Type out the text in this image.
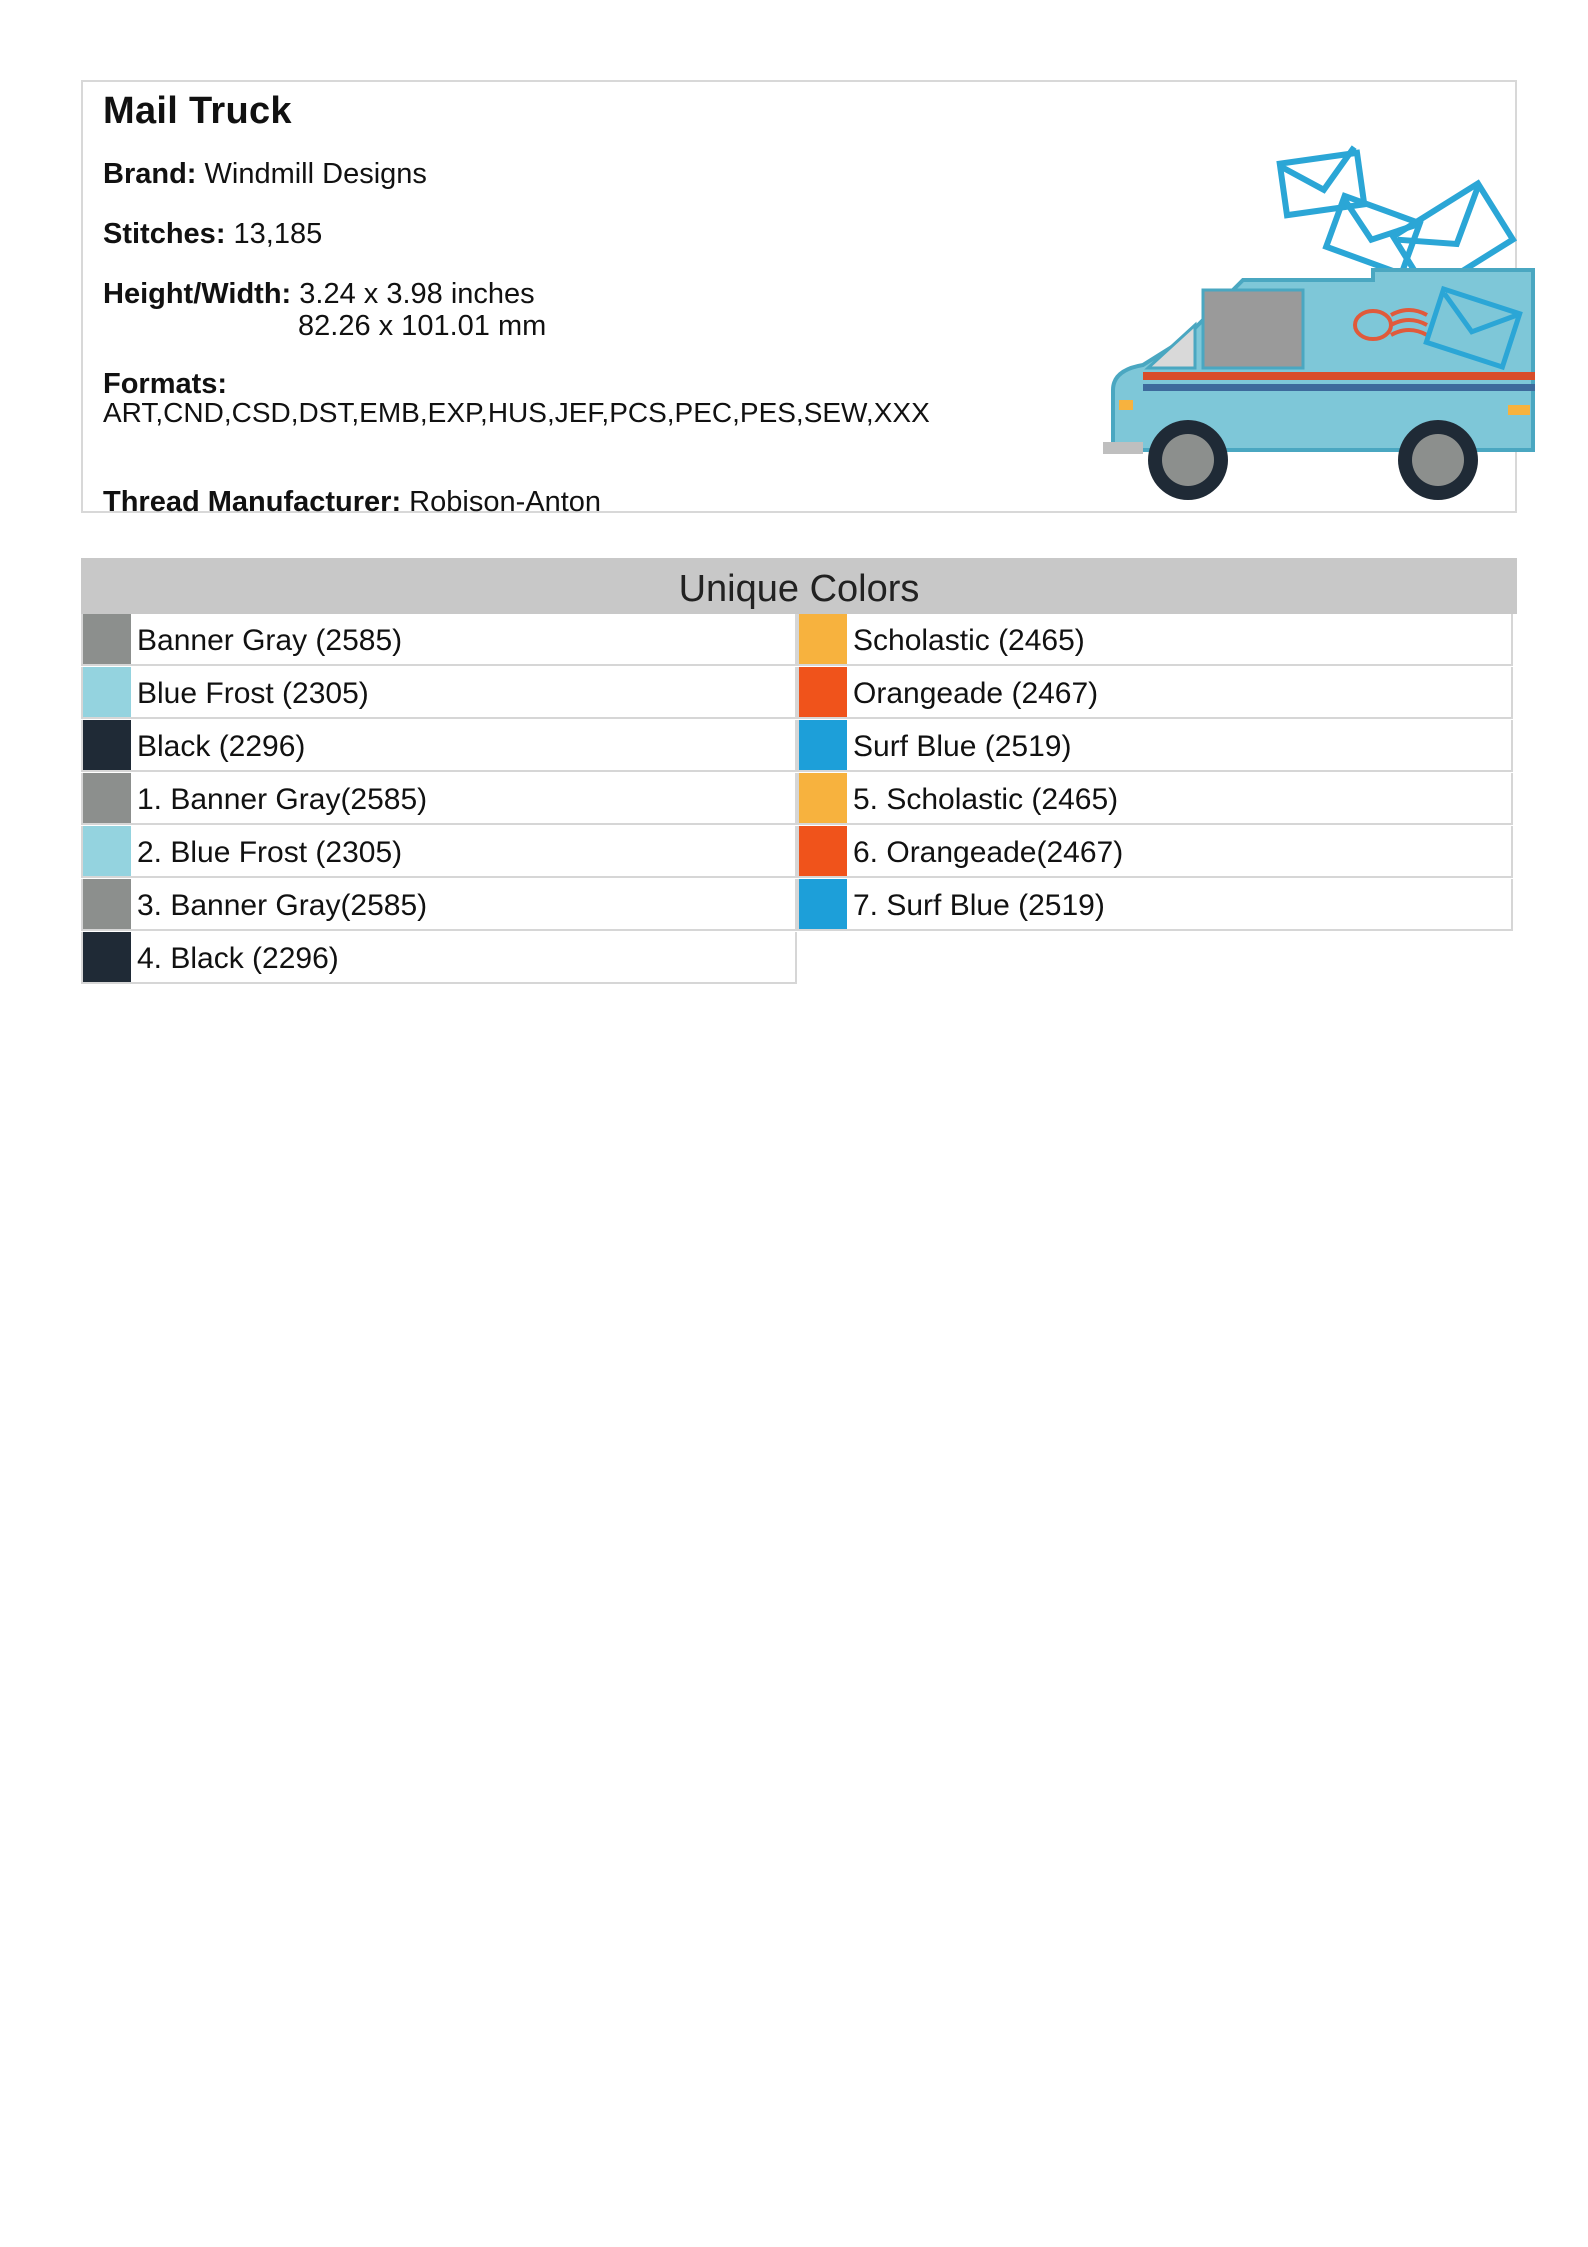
Mail Truck
Brand: Windmill Designs
Stitches: 13,185
Height/Width: 3.24 x 3.98 inches
82.26 x 101.01 mm
Formats:
ART,CND,CSD,DST,EMB,EXP,HUS,JEF,PCS,PEC,PES,SEW,XXX
Thread Manufacturer: Robison-Anton
Unique Colors
Banner Gray (2585)
Blue Frost (2305)
Black (2296)
1. Banner Gray(2585)
2. Blue Frost (2305)
3. Banner Gray(2585)
4. Black (2296)
Scholastic (2465)
Orangeade (2467)
Surf Blue (2519)
5. Scholastic (2465)
6. Orangeade(2467)
7. Surf Blue (2519)
